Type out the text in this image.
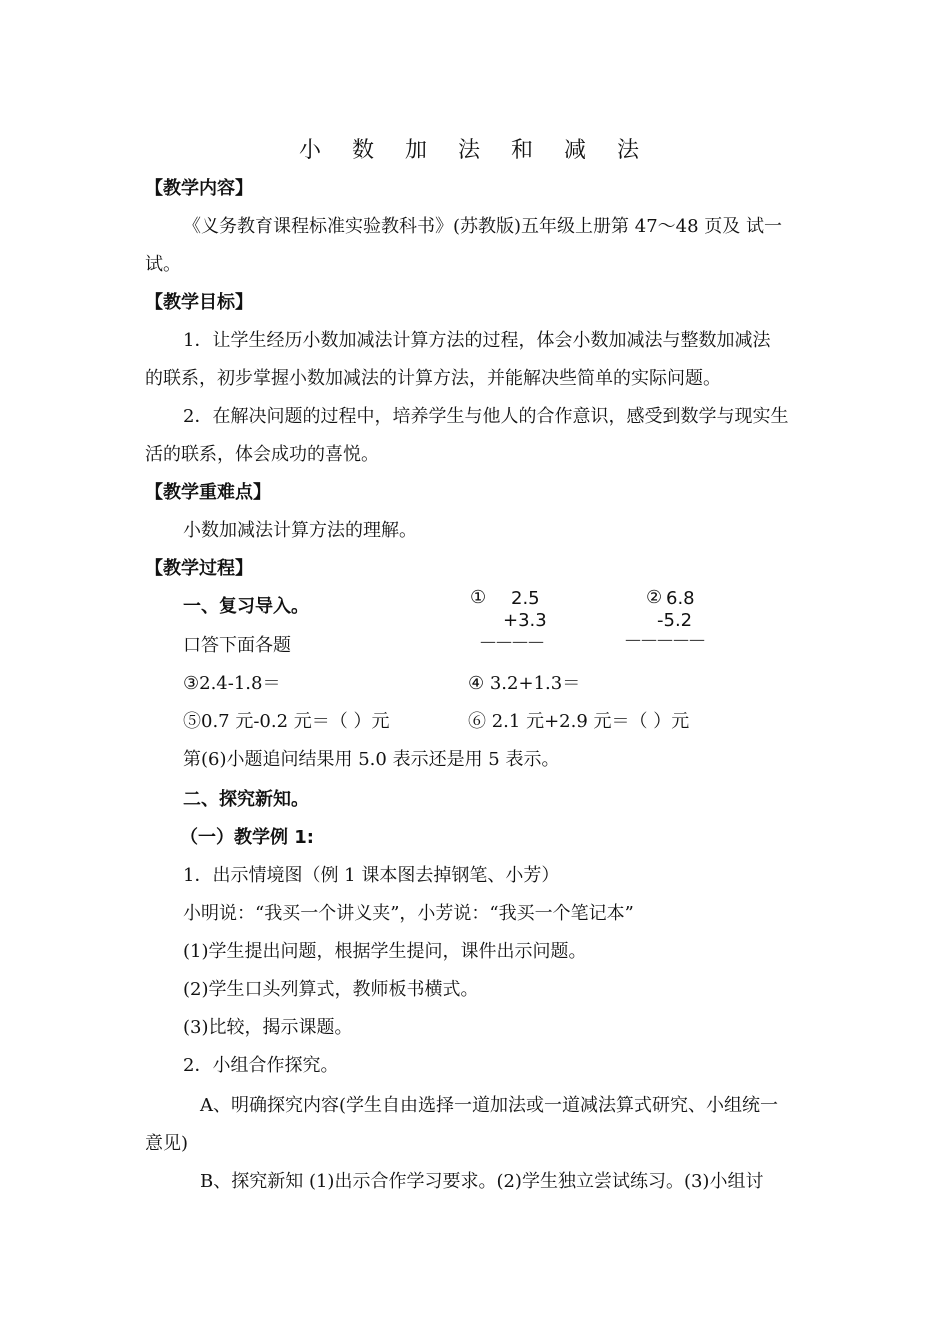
小 数 加 法 和 减 法
【教学内容】
《义务教育课程标准实验教科书》(苏教版)五年级上册第 47～48 页及 试一
试。
【教学目标】
1．让学生经历小数加减法计算方法的过程，体会小数加减法与整数加减法
的联系，初步掌握小数加减法的计算方法，并能解决些简单的实际问题。
2．在解决问题的过程中，培养学生与他人的合作意识，感受到数学与现实生
活的联系，体会成功的喜悦。
【教学重难点】
小数加减法计算方法的理解。
【教学过程】
一、复习导入。	① 2.5
+3.3
————
② 6.8
-5.2
—————
口答下面各题
③2.4-1.8＝	④ 3.2+1.3＝
⑤0.7 元-0.2 元＝（ ）元	⑥ 2.1 元+2.9 元＝（ ）元
第(6)小题追问结果用 5.0 表示还是用 5 表示。
二、探究新知。
（一）教学例 1:
1．出示情境图（例 1 课本图去掉钢笔、小芳）
小明说：“我买一个讲义夹”，小芳说：“我买一个笔记本”
(1)学生提出问题，根据学生提问，课件出示问题。
(2)学生口头列算式，教师板书横式。
(3)比较，揭示课题。
2．小组合作探究。
A、明确探究内容(学生自由选择一道加法或一道减法算式研究、小组统一
意见)
B、探究新知 (1)出示合作学习要求。(2)学生独立尝试练习。(3)小组讨
